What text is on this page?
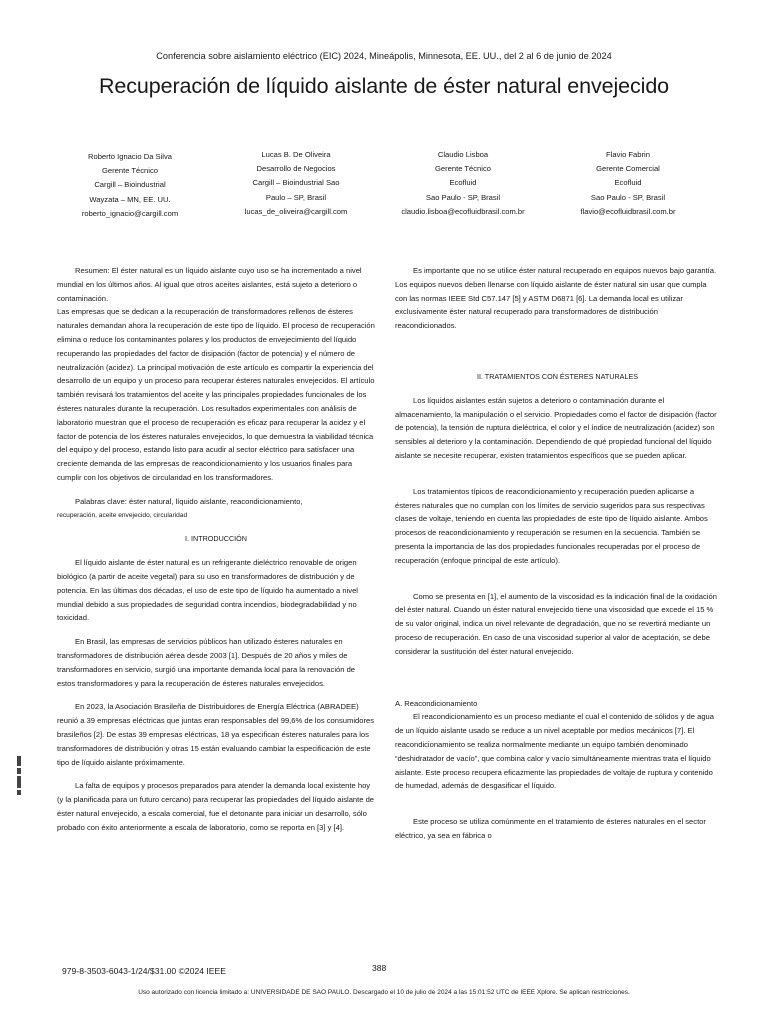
Conferencia sobre aislamiento eléctrico (EIC) 2024, Mineápolis, Minnesota, EE. UU., del 2 al 6 de junio de 2024
Recuperación de líquido aislante de éster natural envejecido
Roberto Ignacio Da Silva
Gerente Técnico
Cargill – Bioindustrial
Wayzata – MN, EE. UU.
roberto_ignacio@cargill.com
Lucas B. De Oliveira
Desarrollo de Negocios
Cargill – Bioindustrial Sao
Paulo – SP, Brasil
lucas_de_oliveira@cargill.com
Claudio Lisboa
Gerente Técnico
Ecofluid
Sao Paulo - SP, Brasil
claudio.lisboa@ecofluidbrasil.com.br
Flavio Fabrin
Gerente Comercial
Ecofluid
Sao Paulo - SP, Brasil
flavio@ecofluidbrasil.com.br

Resumen: El éster natural es un líquido aislante cuyo uso se ha incrementado a nivel mundial en los últimos años. Al igual que otros aceites aislantes, está sujeto a deterioro o contaminación.

Las empresas que se dedican a la recuperación de transformadores rellenos de ésteres naturales demandan ahora la recuperación de este tipo de líquido. El proceso de recuperación elimina o reduce los contaminantes polares y los productos de envejecimiento del líquido recuperando las propiedades del factor de disipación (factor de potencia) y el número de neutralización (acidez). La principal motivación de este artículo es compartir la experiencia del desarrollo de un equipo y un proceso para recuperar ésteres naturales envejecidos. El artículo también revisará los tratamientos del aceite y las principales propiedades funcionales de los ésteres naturales durante la recuperación. Los resultados experimentales con análisis de laboratorio muestran que el proceso de recuperación es eficaz para recuperar la acidez y el factor de potencia de los ésteres naturales envejecidos, lo que demuestra la viabilidad técnica del equipo y del proceso, estando listo para acudir al sector eléctrico para satisfacer una creciente demanda de las empresas de reacondicionamiento y los usuarios finales para cumplir con los objetivos de circularidad en los transformadores.

Palabras clave: éster natural, líquido aislante, reacondicionamiento,

recuperación, aceite envejecido, circularidad

I. INTRODUCCIÓN

El líquido aislante de éster natural es un refrigerante dieléctrico renovable de origen biológico (a partir de aceite vegetal) para su uso en transformadores de distribución y de potencia. En las últimas dos décadas, el uso de este tipo de líquido ha aumentado a nivel mundial debido a sus propiedades de seguridad contra incendios, biodegradabilidad y no toxicidad.

En Brasil, las empresas de servicios públicos han utilizado ésteres naturales en transformadores de distribución aérea desde 2003 [1]. Después de 20 años y miles de transformadores en servicio, surgió una importante demanda local para la renovación de estos transformadores y para la recuperación de ésteres naturales envejecidos.

En 2023, la Asociación Brasileña de Distribuidores de Energía Eléctrica (ABRADEE) reunió a 39 empresas eléctricas que juntas eran responsables del 99,6% de los consumidores brasileños [2]. De estas 39 empresas eléctricas, 18 ya especifican ésteres naturales para los transformadores de distribución y otras 15 están evaluando cambiar la especificación de este tipo de líquido aislante próximamente.

La falta de equipos y procesos preparados para atender la demanda local existente hoy (y la planificada para un futuro cercano) para recuperar las propiedades del líquido aislante de éster natural envejecido, a escala comercial, fue el detonante para iniciar un desarrollo, sólo probado con éxito anteriormente a escala de laboratorio, como se reporta en [3] y [4].

Es importante que no se utilice éster natural recuperado en equipos nuevos bajo garantía. Los equipos nuevos deben llenarse con líquido aislante de éster natural sin usar que cumpla con las normas IEEE Std C57.147 [5] y ASTM D6871 [6]. La demanda local es utilizar exclusivamente éster natural recuperado para transformadores de distribución reacondicionados.

II. TRATAMIENTOS CON ÉSTERES NATURALES

Los líquidos aislantes están sujetos a deterioro o contaminación durante el almacenamiento, la manipulación o el servicio. Propiedades como el factor de disipación (factor de potencia), la tensión de ruptura dieléctrica, el color y el índice de neutralización (acidez) son sensibles al deterioro y la contaminación. Dependiendo de qué propiedad funcional del líquido aislante se necesite recuperar, existen tratamientos específicos que se pueden aplicar.

Los tratamientos típicos de reacondicionamiento y recuperación pueden aplicarse a ésteres naturales que no cumplan con los límites de servicio sugeridos para sus respectivas clases de voltaje, teniendo en cuenta las propiedades de este tipo de líquido aislante. Ambos procesos de reacondicionamiento y recuperación se resumen en la secuencia. También se presenta la importancia de las dos propiedades funcionales recuperadas por el proceso de recuperación (enfoque principal de este artículo).

Como se presenta en [1], el aumento de la viscosidad es la indicación final de la oxidación del éster natural. Cuando un éster natural envejecido tiene una viscosidad que excede el 15 % de su valor original, indica un nivel relevante de degradación, que no se revertirá mediante un proceso de recuperación. En caso de una viscosidad superior al valor de aceptación, se debe considerar la sustitución del éster natural envejecido.

A. Reacondicionamiento

El reacondicionamiento es un proceso mediante el cual el contenido de sólidos y de agua de un líquido aislante usado se reduce a un nivel aceptable por medios mecánicos [7]. El reacondicionamiento se realiza normalmente mediante un equipo también denominado “deshidratador de vacío”, que combina calor y vacío simultáneamente mientras trata el líquido aislante. Este proceso recupera eficazmente las propiedades de voltaje de ruptura y contenido de humedad, además de desgasificar el líquido.

Este proceso se utiliza comúnmente en el tratamiento de ésteres naturales en el sector eléctrico, ya sea en fábrica o

979-8-3503-6043-1/24/$31.00 ©2024 IEEE	388
Uso autorizado con licencia limitado a: UNIVERSIDADE DE SAO PAULO. Descargado el 10 de julio de 2024 a las 15:01:52 UTC de IEEE Xplore. Se aplican restricciones.
